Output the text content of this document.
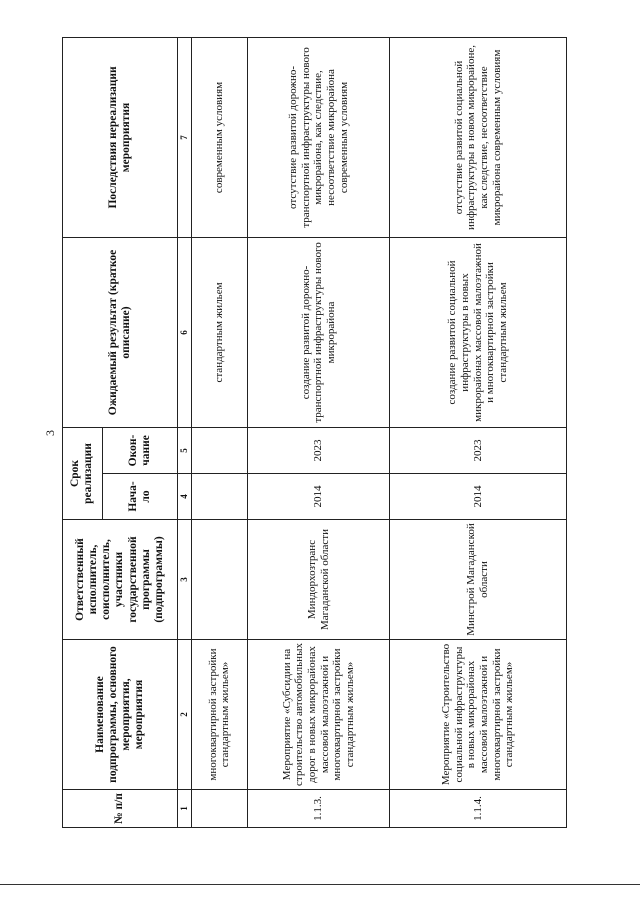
3
№ п/п	Наименование подпрограммы, основного мероприятия, мероприятия	Ответственный исполнитель, соисполнитель, участники государственной программы (подпрограммы)	Срок реализации		Ожидаемый результат (краткое описание)	Последствия нереализации мероприятия
			Нача-ло	Окон-чание		
1	2	3	4	5	6	7
	многоквартирной застройки стандартным жильем»				стандартным жильем	современным условиям
1.1.3.	Мероприятие «Субсидии на строительство автомобильных дорог в новых микрорайонах массовой малоэтажной и многоквартирной застройки стандартным жильем»	Миндорхозтранс Магаданской области	2014	2023	создание развитой дорожно-транспортной инфраструктуры нового микрорайона	отсутствие развитой дорожно-транспортной инфраструктуры нового микрорайона, как следствие, несоответствие микрорайона современным условиям
1.1.4.	Мероприятие «Строительство социальной инфраструктуры в новых микрорайонах массовой малоэтажной и многоквартирной застройки стандартным жильем»	Минстрой Магаданской области	2014	2023	создание развитой социальной инфраструктуры в новых микрорайонах массовой малоэтажной и многоквартирной застройки стандартным жильем	отсутствие развитой социальной инфраструктуры в новом микрорайоне, как следствие, несоответствие микрорайона современным условиям
